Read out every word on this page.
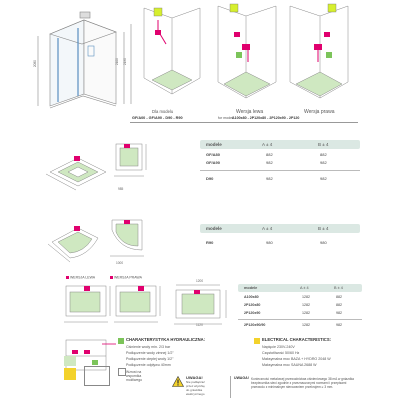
2080	2100 2190
Dla modelu
GF/A00 - GF/A90 - D90 - R90
Wersja lewa	Wersja prawa
for model A100x80 - 2P120x80 - 2P120x90 - 2P120
985
modele	A ± 4	B ± 4
GF/A80	882	882
GF/A90	982	982
D90	982	982
1000
modele	A ± 4	B ± 4
R90	980	980
WERSJA LEWA	WERSJA PRAWA
1200
1120
modele	A ± 4	B ± 4
A100x80	1282	882
2P120x80	1282	882
2P120x90	1282	982
2P120x90/90	1282	982
CHARAKTERYSTYKA HYDRAULICZNA:
Ciśnienie wody min. 2/3 bar
Podłączenie wody zimnej 1/2"
Podłączenie ciepłej wody 1/2"
Podłączenie odpływu 40mm
Wzrost na wspornika możliwego
ELECTRICAL CHARACTERISTICS:
Napięcie 230V-240V
Częstotliwość 50/60 Hz
Maksymalna moc BAZA + HYDRO 2048 W
Maksymalna moc SAUNA 2688 W
UWAGA!
Nie podłączać
przez wtyczkę
do gniazdka
elektrycznego
UWAGA! Konieczność metalowej przewodnictwa ciśnieniowego 38 mA w gniazdka bezpiecznika sieci zgodnie z przeznaczonymi normami i przepisami przewodu z minimalnym sterowaniem przekrojem ≥ 3 mm.
